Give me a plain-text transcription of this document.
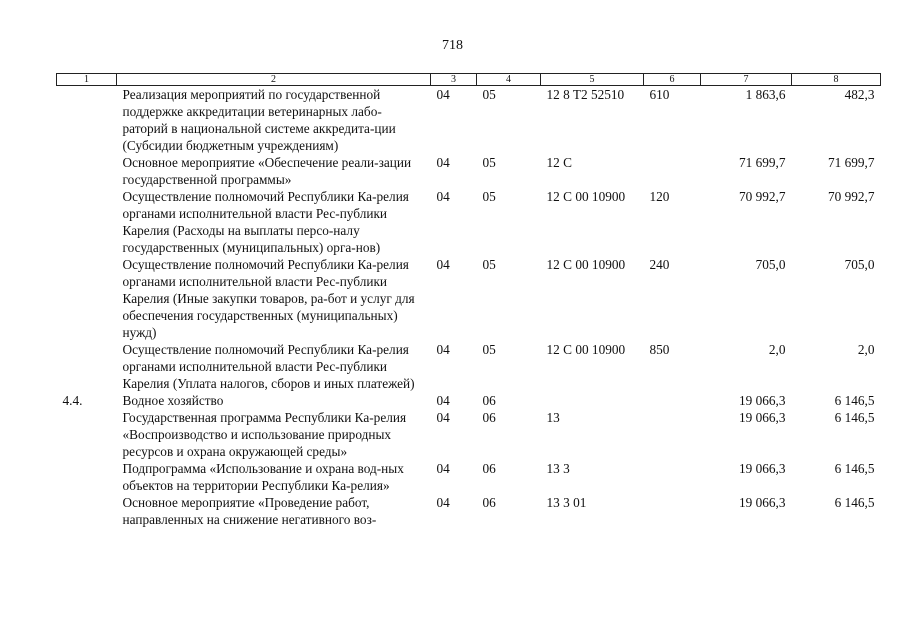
718
1	2	3	4	5	6	7	8
	Реализация мероприятий по государственной поддержке аккредитации ветеринарных лабо-раторий в национальной системе аккредита-ции (Субсидии бюджетным учреждениям)	04	05	12 8 T2 52510	610	1 863,6	482,3
	Основное мероприятие «Обеспечение реали-зации государственной программы»	04	05	12 С		71 699,7	71 699,7
	Осуществление полномочий Республики Ка-релия органами исполнительной власти Рес-публики Карелия (Расходы на выплаты персо-налу государственных (муниципальных) орга-нов)	04	05	12 С 00 10900	120	70 992,7	70 992,7
	Осуществление полномочий Республики Ка-релия органами исполнительной власти Рес-публики Карелия (Иные закупки товаров, ра-бот и услуг для обеспечения государственных (муниципальных) нужд)	04	05	12 С 00 10900	240	705,0	705,0
	Осуществление полномочий Республики Ка-релия органами исполнительной власти Рес-публики Карелия (Уплата налогов, сборов и иных платежей)	04	05	12 С 00 10900	850	2,0	2,0
4.4.	Водное хозяйство	04	06			19 066,3	6 146,5
	Государственная программа Республики Ка-релия «Воспроизводство и использование природных ресурсов и охрана окружающей среды»	04	06	13		19 066,3	6 146,5
	Подпрограмма «Использование и охрана вод-ных объектов на территории Республики Ка-релия»	04	06	13 3		19 066,3	6 146,5
	Основное мероприятие «Проведение работ, направленных на снижение негативного воз-	04	06	13 3 01		19 066,3	6 146,5
